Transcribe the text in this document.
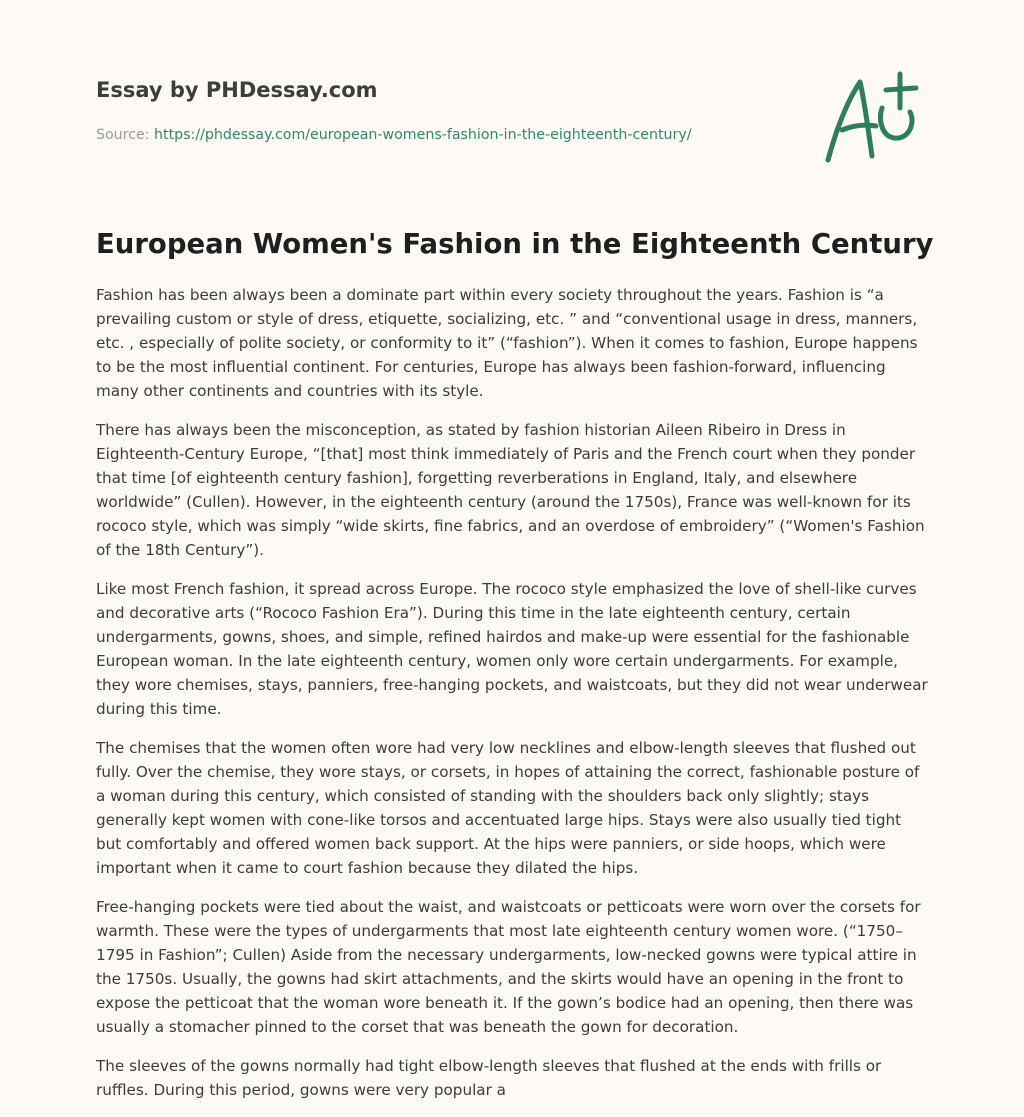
Essay by PHDessay.com
Source: https://phdessay.com/european-womens-fashion-in-the-eighteenth-century/
European Women's Fashion in the Eighteenth Century

Fashion has been always been a dominate part within every society throughout the years. Fashion is “a prevailing custom or style of dress, etiquette, socializing, etc. ” and “conventional usage in dress, manners, etc. , especially of polite society, or conformity to it” (“fashion”). When it comes to fashion, Europe happens to be the most influential continent. For centuries, Europe has always been fashion-forward, influencing many other continents and countries with its style.

There has always been the misconception, as stated by fashion historian Aileen Ribeiro in Dress in Eighteenth-Century Europe, “[that] most think immediately of Paris and the French court when they ponder that time [of eighteenth century fashion], forgetting reverberations in England, Italy, and elsewhere worldwide” (Cullen). However, in the eighteenth century (around the 1750s), France was well-known for its rococo style, which was simply “wide skirts, fine fabrics, and an overdose of embroidery” (“Women's Fashion of the 18th Century”).

Like most French fashion, it spread across Europe. The rococo style emphasized the love of shell-like curves and decorative arts (“Rococo Fashion Era”). During this time in the late eighteenth century, certain undergarments, gowns, shoes, and simple, refined hairdos and make-up were essential for the fashionable European woman. In the late eighteenth century, women only wore certain undergarments. For example, they wore chemises, stays, panniers, free-hanging pockets, and waistcoats, but they did not wear underwear during this time.

The chemises that the women often wore had very low necklines and elbow-length sleeves that flushed out fully. Over the chemise, they wore stays, or corsets, in hopes of attaining the correct, fashionable posture of a woman during this century, which consisted of standing with the shoulders back only slightly; stays generally kept women with cone-like torsos and accentuated large hips. Stays were also usually tied tight but comfortably and offered women back support. At the hips were panniers, or side hoops, which were important when it came to court fashion because they dilated the hips.

Free-hanging pockets were tied about the waist, and waistcoats or petticoats were worn over the corsets for warmth. These were the types of undergarments that most late eighteenth century women wore. (“1750–1795 in Fashion”; Cullen) Aside from the necessary undergarments, low-necked gowns were typical attire in the 1750s. Usually, the gowns had skirt attachments, and the skirts would have an opening in the front to expose the petticoat that the woman wore beneath it. If the gown’s bodice had an opening, then there was usually a stomacher pinned to the corset that was beneath the gown for decoration.

The sleeves of the gowns normally had tight elbow-length sleeves that flushed at the ends with frills or ruffles. During this period, gowns were very popular a
